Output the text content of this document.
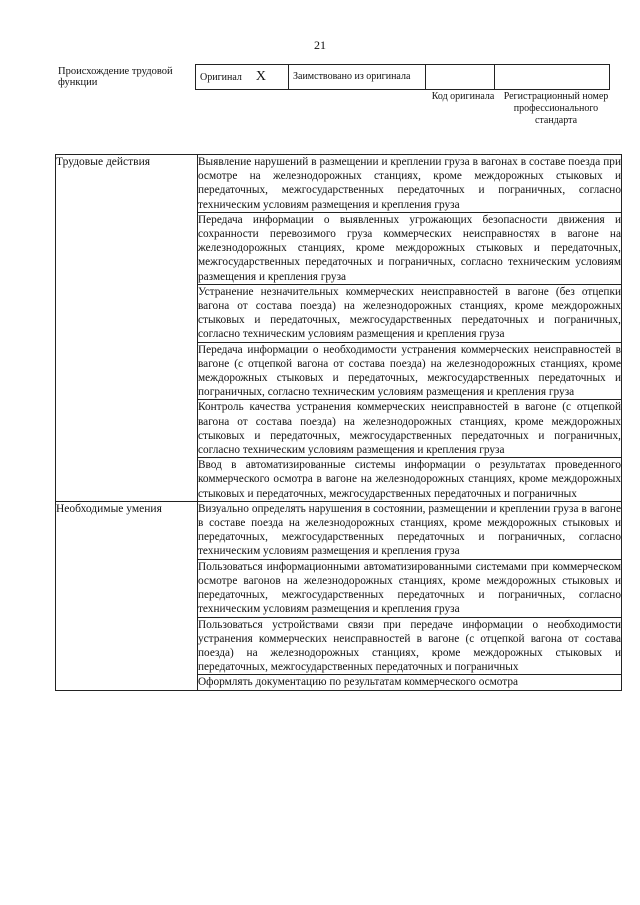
21
Происхождение трудовой функции	Оригинал X	Заимствовано из оригинала		
Код оригинала Регистрационный номер профессионального стандарта
Трудовые действия	Выявление нарушений в размещении и креплении груза в вагонах в составе поезда при осмотре на железнодорожных станциях, кроме междорожных стыковых и передаточных, межгосударственных передаточных и пограничных, согласно техническим условиям размещения и крепления груза
	Передача информации о выявленных угрожающих безопасности движения и сохранности перевозимого груза коммерческих неисправностях в вагоне на железнодорожных станциях, кроме междорожных стыковых и передаточных, межгосударственных передаточных и пограничных, согласно техническим условиям размещения и крепления груза
	Устранение незначительных коммерческих неисправностей в вагоне (без отцепки вагона от состава поезда) на железнодорожных станциях, кроме междорожных стыковых и передаточных, межгосударственных передаточных и пограничных, согласно техническим условиям размещения и крепления груза
	Передача информации о необходимости устранения коммерческих неисправностей в вагоне (с отцепкой вагона от состава поезда) на железнодорожных станциях, кроме междорожных стыковых и передаточных, межгосударственных передаточных и пограничных, согласно техническим условиям размещения и крепления груза
	Контроль качества устранения коммерческих неисправностей в вагоне (с отцепкой вагона от состава поезда) на железнодорожных станциях, кроме междорожных стыковых и передаточных, межгосударственных передаточных и пограничных, согласно техническим условиям размещения и крепления груза
	Ввод в автоматизированные системы информации о результатах проведенного коммерческого осмотра в вагоне на железнодорожных станциях, кроме междорожных стыковых и передаточных, межгосударственных передаточных и пограничных
Необходимые умения	Визуально определять нарушения в состоянии, размещении и креплении груза в вагоне в составе поезда на железнодорожных станциях, кроме междорожных стыковых и передаточных, межгосударственных передаточных и пограничных, согласно техническим условиям размещения и крепления груза
	Пользоваться информационными автоматизированными системами при коммерческом осмотре вагонов на железнодорожных станциях, кроме междорожных стыковых и передаточных, межгосударственных передаточных и пограничных, согласно техническим условиям размещения и крепления груза
	Пользоваться устройствами связи при передаче информации о необходимости устранения коммерческих неисправностей в вагоне (с отцепкой вагона от состава поезда) на железнодорожных станциях, кроме междорожных стыковых и передаточных, межгосударственных передаточных и пограничных
	Оформлять документацию по результатам коммерческого осмотра
